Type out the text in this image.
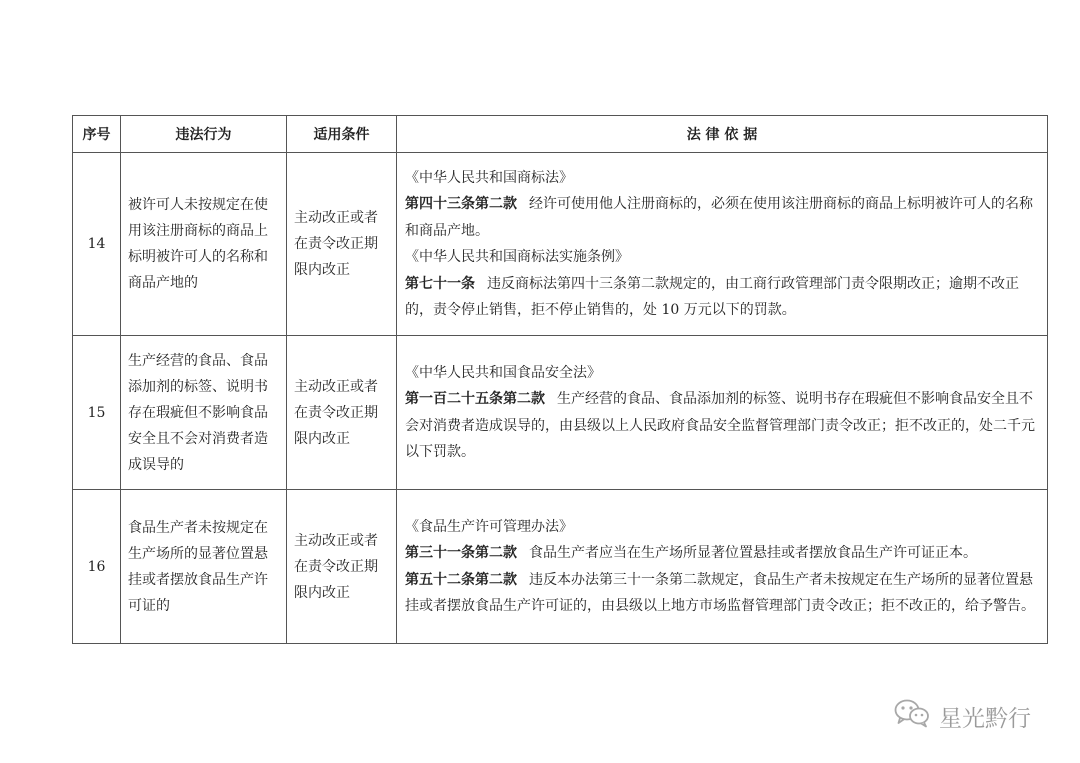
序号	违法行为	适用条件	法 律 依 据
14	被许可人未按规定在使用该注册商标的商品上标明被许可人的名称和商品产地的	主动改正或者在责令改正期限内改正	《中华人民共和国商标法》
第四十三条第二款 经许可使用他人注册商标的，必须在使用该注册商标的商品上标明被许可人的名称和商品产地。
《中华人民共和国商标法实施条例》
第七十一条 违反商标法第四十三条第二款规定的，由工商行政管理部门责令限期改正；逾期不改正的，责令停止销售，拒不停止销售的，处 10 万元以下的罚款。

15	生产经营的食品、食品添加剂的标签、说明书存在瑕疵但不影响食品安全且不会对消费者造成误导的	主动改正或者在责令改正期限内改正	《中华人民共和国食品安全法》
第一百二十五条第二款 生产经营的食品、食品添加剂的标签、说明书存在瑕疵但不影响食品安全且不会对消费者造成误导的，由县级以上人民政府食品安全监督管理部门责令改正；拒不改正的，处二千元以下罚款。

16	食品生产者未按规定在生产场所的显著位置悬挂或者摆放食品生产许可证的	主动改正或者在责令改正期限内改正	《食品生产许可管理办法》
第三十一条第二款 食品生产者应当在生产场所显著位置悬挂或者摆放食品生产许可证正本。
第五十二条第二款 违反本办法第三十一条第二款规定，食品生产者未按规定在生产场所的显著位置悬挂或者摆放食品生产许可证的，由县级以上地方市场监督管理部门责令改正；拒不改正的，给予警告。
星光黔行
